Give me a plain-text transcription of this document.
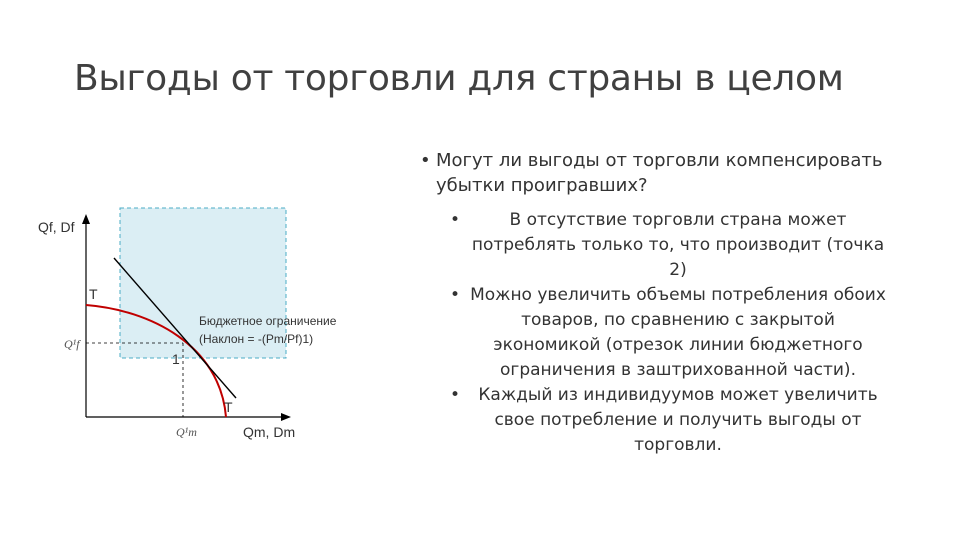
Выгоды от торговли для страны в целом
Qf, Df
Qm, Dm
T
T
1
Q¹f
Q¹m
Бюджетное ограничение
(Наклон = -(Pm/Pf)1)
• Могут ли выгоды от торговли компенсировать убытки проигравших?
• В отсутствие торговли страна может потреблять только то, что производит (точка 2)
• Можно увеличить объемы потребления обоих товаров, по сравнению с закрытой экономикой (отрезок линии бюджетного ограничения в заштрихованной части).
• Каждый из индивидуумов может увеличить свое потребление и получить выгоды от торговли.
